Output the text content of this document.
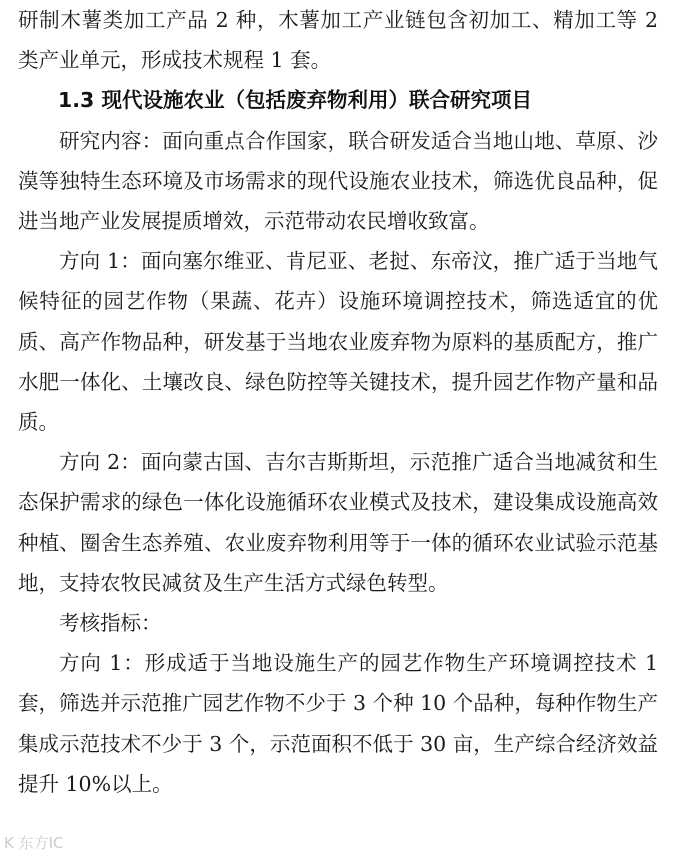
研制木薯类加工产品 2 种，木薯加工产业链包含初加工、精加工等 2 类产业单元，形成技术规程 1 套。

1.3 现代设施农业（包括废弃物利用）联合研究项目

研究内容：面向重点合作国家，联合研发适合当地山地、草原、沙漠等独特生态环境及市场需求的现代设施农业技术，筛选优良品种，促进当地产业发展提质增效，示范带动农民增收致富。

方向 1：面向塞尔维亚、肯尼亚、老挝、东帝汶，推广适于当地气候特征的园艺作物（果蔬、花卉）设施环境调控技术，筛选适宜的优质、高产作物品种，研发基于当地农业废弃物为原料的基质配方，推广水肥一体化、土壤改良、绿色防控等关键技术，提升园艺作物产量和品质。

方向 2：面向蒙古国、吉尔吉斯斯坦，示范推广适合当地减贫和生态保护需求的绿色一体化设施循环农业模式及技术，建设集成设施高效种植、圈舍生态养殖、农业废弃物利用等于一体的循环农业试验示范基地，支持农牧民减贫及生产生活方式绿色转型。

考核指标：

方向 1：形成适于当地设施生产的园艺作物生产环境调控技术 1 套，筛选并示范推广园艺作物不少于 3 个种 10 个品种，每种作物生产集成示范技术不少于 3 个，示范面积不低于 30 亩，生产综合经济效益提升 10%以上。

K 东方IC
